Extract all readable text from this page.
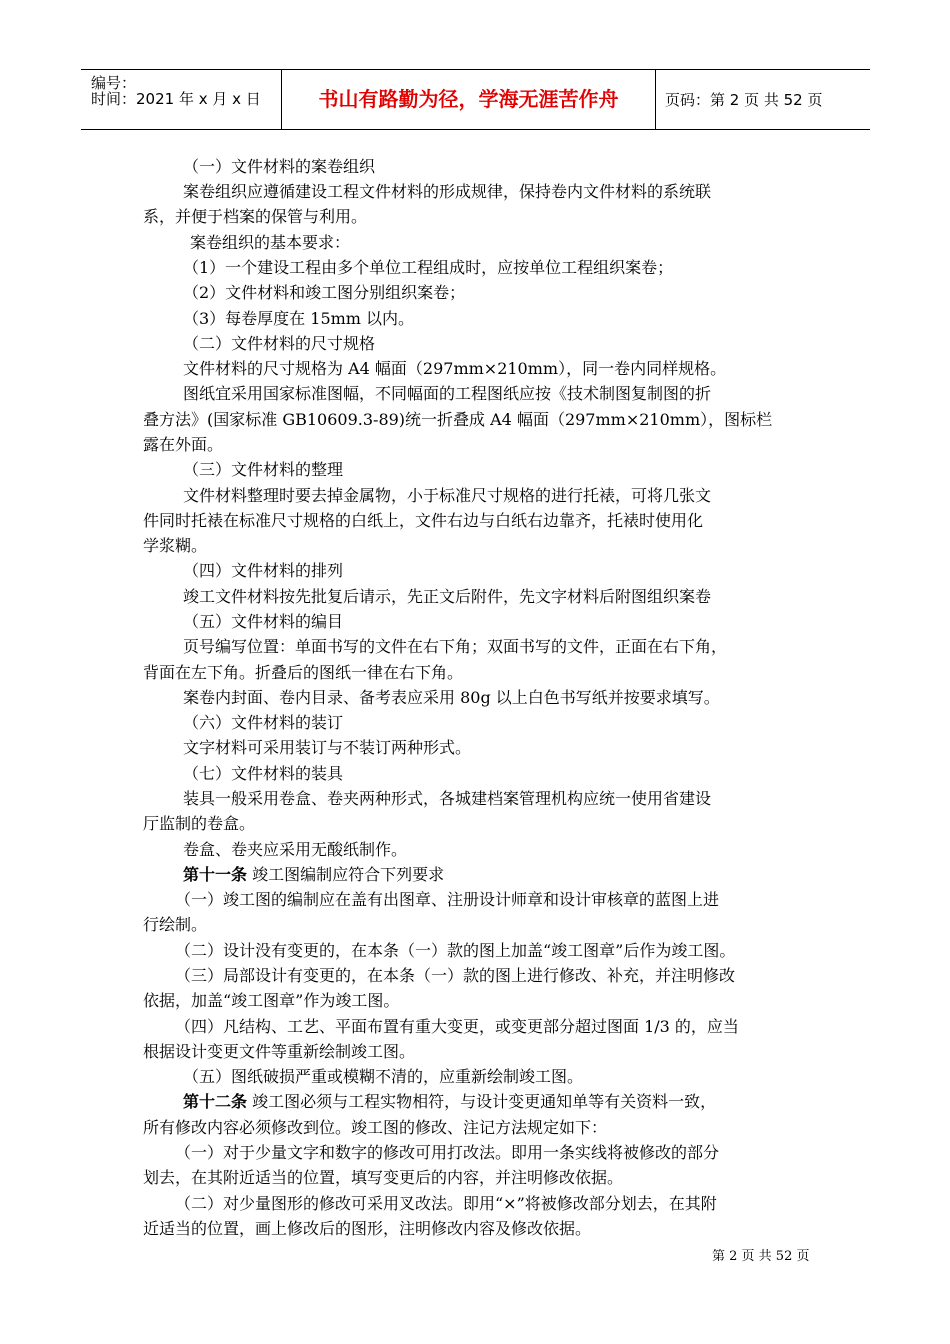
编号：
时间：2021 年 x 月 x 日	书山有路勤为径，学海无涯苦作舟	页码：第 2 页 共 52 页
（一）文件材料的案卷组织
案卷组织应遵循建设工程文件材料的形成规律，保持卷内文件材料的系统联
系，并便于档案的保管与利用。
案卷组织的基本要求：
（1）一个建设工程由多个单位工程组成时，应按单位工程组织案卷；
（2）文件材料和竣工图分别组织案卷；
（3）每卷厚度在 15mm 以内。
（二）文件材料的尺寸规格
文件材料的尺寸规格为 A4 幅面（297mm×210mm），同一卷内同样规格。
图纸宜采用国家标准图幅，不同幅面的工程图纸应按《技术制图复制图的折
叠方法》(国家标准 GB10609.3-89)统一折叠成 A4 幅面（297mm×210mm），图标栏
露在外面。
（三）文件材料的整理
文件材料整理时要去掉金属物，小于标准尺寸规格的进行托裱，可将几张文
件同时托裱在标准尺寸规格的白纸上，文件右边与白纸右边靠齐，托裱时使用化
学浆糊。
（四）文件材料的排列
竣工文件材料按先批复后请示，先正文后附件，先文字材料后附图组织案卷
（五）文件材料的编目
页号编写位置：单面书写的文件在右下角；双面书写的文件，正面在右下角，
背面在左下角。折叠后的图纸一律在右下角。
案卷内封面、卷内目录、备考表应采用 80g 以上白色书写纸并按要求填写。
（六）文件材料的装订
文字材料可采用装订与不装订两种形式。
（七）文件材料的装具
装具一般采用卷盒、卷夹两种形式，各城建档案管理机构应统一使用省建设
厅监制的卷盒。
卷盒、卷夹应采用无酸纸制作。
第十一条 竣工图编制应符合下列要求
（一）竣工图的编制应在盖有出图章、注册设计师章和设计审核章的蓝图上进
行绘制。
（二）设计没有变更的，在本条（一）款的图上加盖“竣工图章”后作为竣工图。
（三）局部设计有变更的，在本条（一）款的图上进行修改、补充，并注明修改
依据，加盖“竣工图章”作为竣工图。
（四）凡结构、工艺、平面布置有重大变更，或变更部分超过图面 1/3 的，应当
根据设计变更文件等重新绘制竣工图。
（五）图纸破损严重或模糊不清的，应重新绘制竣工图。
第十二条 竣工图必须与工程实物相符，与设计变更通知单等有关资料一致，
所有修改内容必须修改到位。竣工图的修改、注记方法规定如下：
（一）对于少量文字和数字的修改可用打改法。即用一条实线将被修改的部分
划去，在其附近适当的位置，填写变更后的内容，并注明修改依据。
（二）对少量图形的修改可采用叉改法。即用“×”将被修改部分划去，在其附
近适当的位置，画上修改后的图形，注明修改内容及修改依据。
第 2 页 共 52 页
